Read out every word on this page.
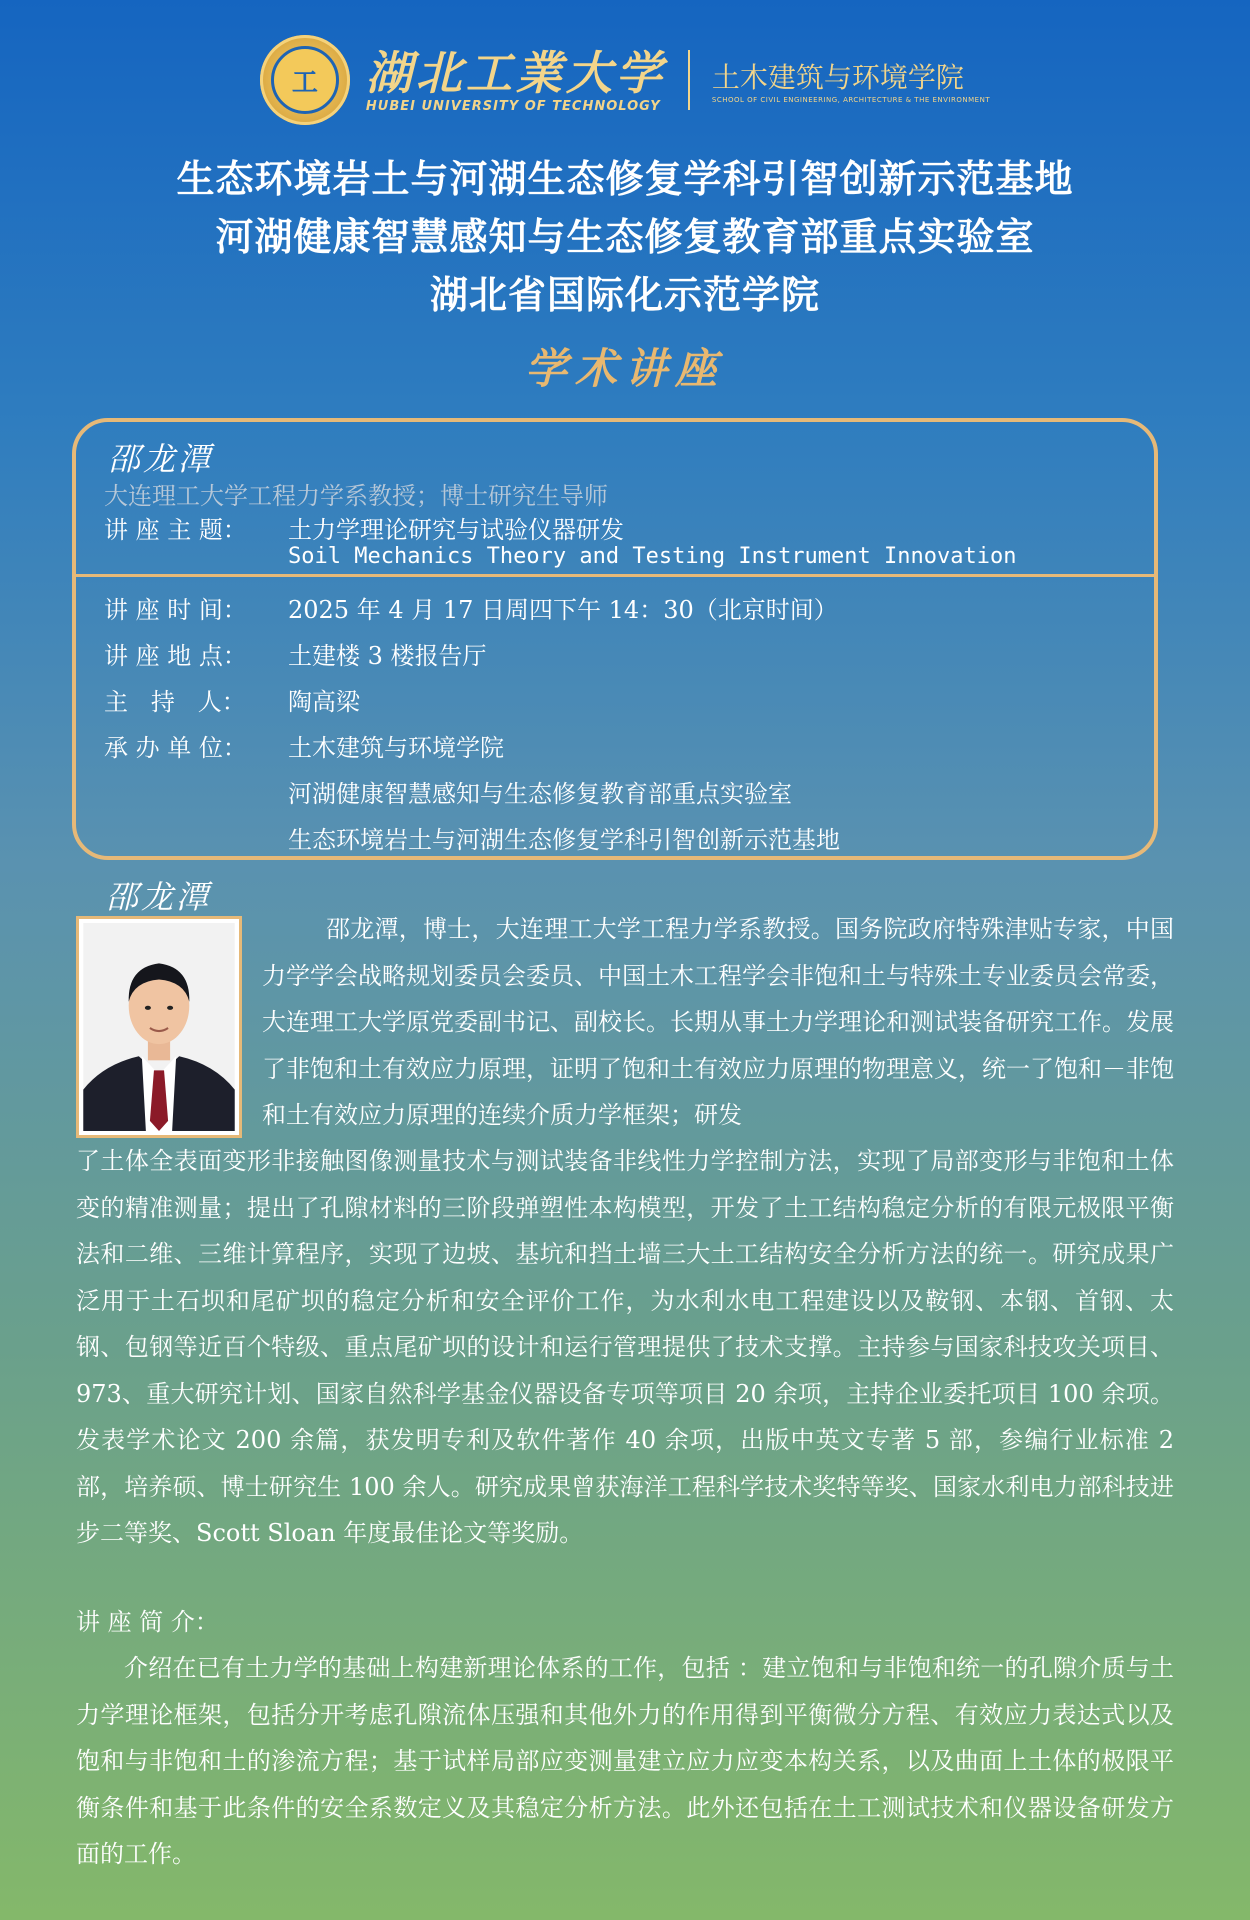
工	湖北工業大学
HUBEI UNIVERSITY OF TECHNOLOGY
土木建筑与环境学院
SCHOOL OF CIVIL ENGINEERING, ARCHITECTURE & THE ENVIRONMENT
生态环境岩土与河湖生态修复学科引智创新示范基地
河湖健康智慧感知与生态修复教育部重点实验室
湖北省国际化示范学院
学术讲座
邵龙潭
大连理工大学工程力学系教授；博士研究生导师
讲 座 主 题：	土力学理论研究与试验仪器研发
Soil Mechanics Theory and Testing Instrument Innovation
讲 座 时 间：	2025 年 4 月 17 日周四下午 14：30（北京时间）
讲 座 地 点：	土建楼 3 楼报告厅
主   持   人：	陶高梁
承 办 单 位：	土木建筑与环境学院
河湖健康智慧感知与生态修复教育部重点实验室
生态环境岩土与河湖生态修复学科引智创新示范基地
邵龙潭
邵龙潭，博士，大连理工大学工程力学系教授。国务院政府特殊津贴专家，中国力学学会战略规划委员会委员、中国土木工程学会非饱和土与特殊土专业委员会常委，大连理工大学原党委副书记、副校长。长期从事土力学理论和测试装备研究工作。发展了非饱和土有效应力原理，证明了饱和土有效应力原理的物理意义，统一了饱和－非饱和土有效应力原理的连续介质力学框架；研发
了土体全表面变形非接触图像测量技术与测试装备非线性力学控制方法，实现了局部变形与非饱和土体变的精准测量；提出了孔隙材料的三阶段弹塑性本构模型，开发了土工结构稳定分析的有限元极限平衡法和二维、三维计算程序，实现了边坡、基坑和挡土墙三大土工结构安全分析方法的统一。研究成果广泛用于土石坝和尾矿坝的稳定分析和安全评价工作，为水利水电工程建设以及鞍钢、本钢、首钢、太钢、包钢等近百个特级、重点尾矿坝的设计和运行管理提供了技术支撑。主持参与国家科技攻关项目、973、重大研究计划、国家自然科学基金仪器设备专项等项目 20 余项，主持企业委托项目 100 余项。发表学术论文 200 余篇，获发明专利及软件著作 40 余项，出版中英文专著 5 部，参编行业标准 2 部，培养硕、博士研究生 100 余人。研究成果曾获海洋工程科学技术奖特等奖、国家水利电力部科技进步二等奖、Scott Sloan 年度最佳论文等奖励。
讲 座 简 介：
介绍在已有土力学的基础上构建新理论体系的工作，包括 ：建立饱和与非饱和统一的孔隙介质与土力学理论框架，包括分开考虑孔隙流体压强和其他外力的作用得到平衡微分方程、有效应力表达式以及饱和与非饱和土的渗流方程；基于试样局部应变测量建立应力应变本构关系，以及曲面上土体的极限平衡条件和基于此条件的安全系数定义及其稳定分析方法。此外还包括在土工测试技术和仪器设备研发方面的工作。
